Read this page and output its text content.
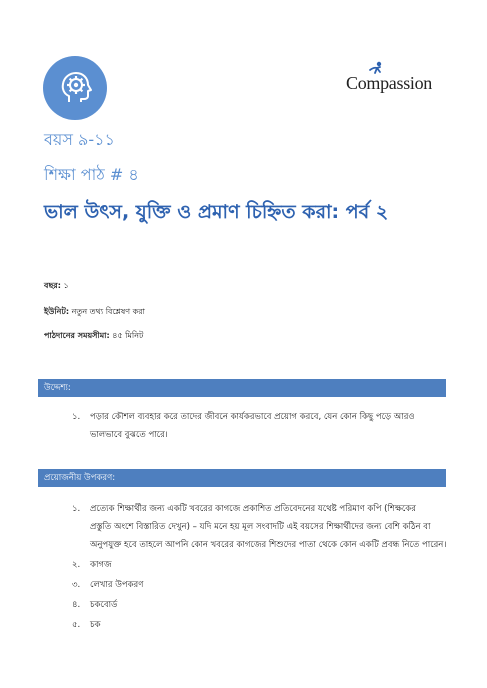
Compassion
বয়স ৯-১১
শিক্ষা পাঠ # ৪
ভাল উৎস, যুক্তি ও প্রমাণ চিহ্নিত করা: পর্ব ২
বছর: ১
ইউনিট: নতুন তথ্য বিশ্লেষণ করা
পাঠদানের সময়সীমা: ৪৫ মিনিট
উদ্দেশ্য:
১. পড়ার কৌশল ব্যবহার করে তাদের জীবনে কার্যকরভাবে প্রয়োগ করবে, যেন কোন কিছু পড়ে আরও
ভালভাবে বুঝতে পারে।
প্রয়োজনীয় উপকরণ:
১. প্রত্যেক শিক্ষার্থীর জন্য একটি খবরের কাগজে প্রকাশিত প্রতিবেদনের যথেষ্ট পরিমাণ কপি (শিক্ষকের
প্রস্তুতি অংশে বিস্তারিত দেখুন) – যদি মনে হয় মূল সংবাদটি এই বয়সের শিক্ষার্থীদের জন্য বেশি কঠিন বা
অনুপযুক্ত হবে তাহলে আপনি কোন খবরের কাগজের শিশুদের পাতা থেকে কোন একটি প্রবন্ধ নিতে পারেন।
২. কাগজ
৩. লেখার উপকরণ
৪. চকবোর্ড
৫. চক
